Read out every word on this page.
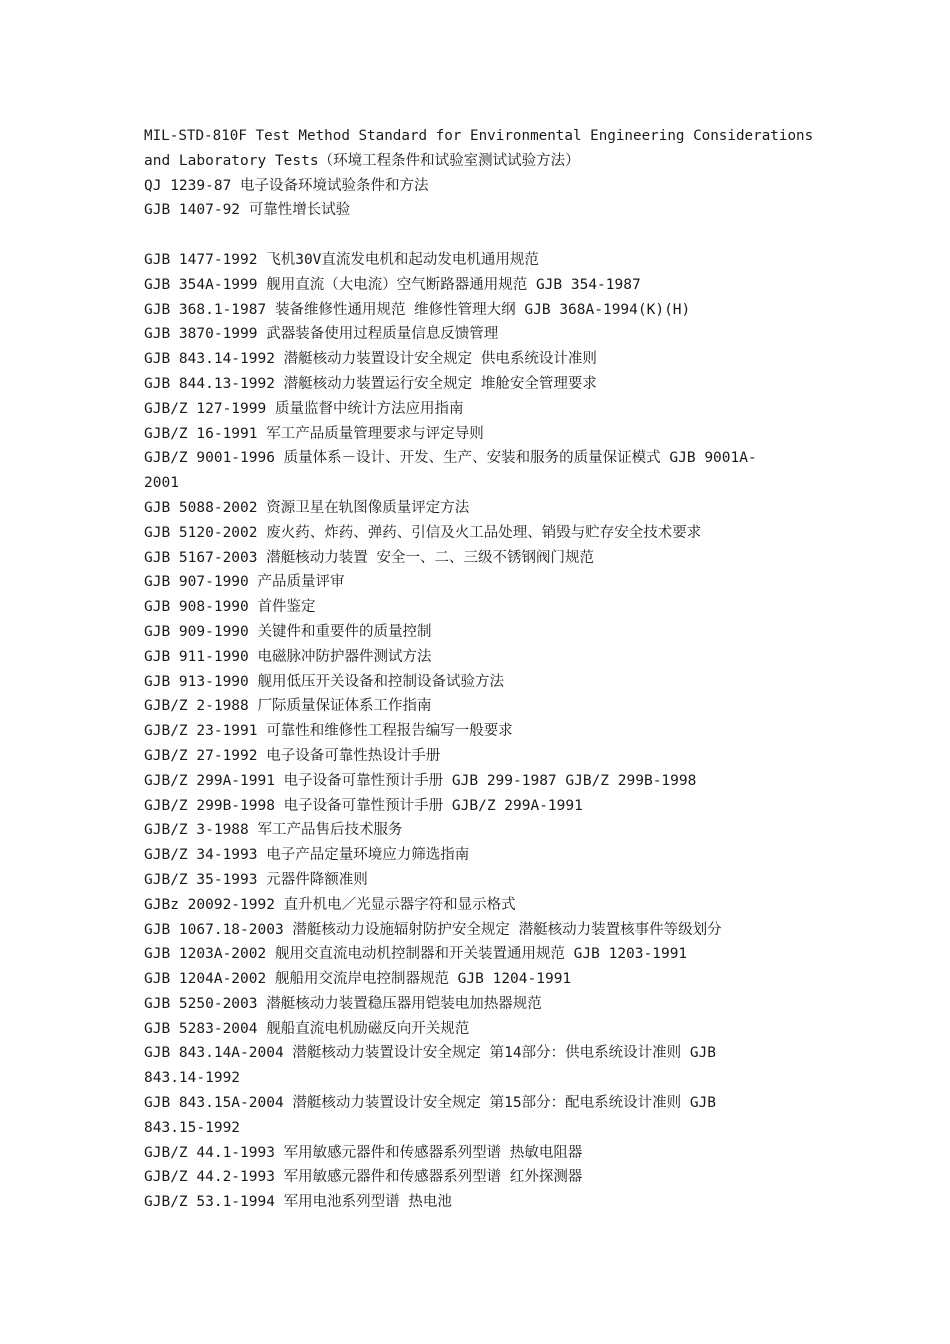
MIL-STD-810F Test Method Standard for Environmental Engineering Considerations
and Laboratory Tests（环境工程条件和试验室测试试验方法）
QJ 1239-87 电子设备环境试验条件和方法
GJB 1407-92 可靠性增长试验
GJB 1477-1992 飞机30V直流发电机和起动发电机通用规范
GJB 354A-1999 舰用直流（大电流）空气断路器通用规范 GJB 354-1987
GJB 368.1-1987 装备维修性通用规范 维修性管理大纲 GJB 368A-1994(K)(H)
GJB 3870-1999 武器装备使用过程质量信息反馈管理
GJB 843.14-1992 潜艇核动力装置设计安全规定 供电系统设计准则
GJB 844.13-1992 潜艇核动力装置运行安全规定 堆舱安全管理要求
GJB/Z 127-1999 质量监督中统计方法应用指南
GJB/Z 16-1991 军工产品质量管理要求与评定导则
GJB/Z 9001-1996 质量体系－设计、开发、生产、安装和服务的质量保证模式 GJB 9001A-
2001
GJB 5088-2002 资源卫星在轨图像质量评定方法
GJB 5120-2002 废火药、炸药、弹药、引信及火工品处理、销毁与贮存安全技术要求
GJB 5167-2003 潜艇核动力装置 安全一、二、三级不锈钢阀门规范
GJB 907-1990 产品质量评审
GJB 908-1990 首件鉴定
GJB 909-1990 关键件和重要件的质量控制
GJB 911-1990 电磁脉冲防护器件测试方法
GJB 913-1990 舰用低压开关设备和控制设备试验方法
GJB/Z 2-1988 厂际质量保证体系工作指南
GJB/Z 23-1991 可靠性和维修性工程报告编写一般要求
GJB/Z 27-1992 电子设备可靠性热设计手册
GJB/Z 299A-1991 电子设备可靠性预计手册 GJB 299-1987 GJB/Z 299B-1998
GJB/Z 299B-1998 电子设备可靠性预计手册 GJB/Z 299A-1991
GJB/Z 3-1988 军工产品售后技术服务
GJB/Z 34-1993 电子产品定量环境应力筛选指南
GJB/Z 35-1993 元器件降额准则
GJBz 20092-1992 直升机电／光显示器字符和显示格式
GJB 1067.18-2003 潜艇核动力设施辐射防护安全规定 潜艇核动力装置核事件等级划分
GJB 1203A-2002 舰用交直流电动机控制器和开关装置通用规范 GJB 1203-1991
GJB 1204A-2002 舰船用交流岸电控制器规范 GJB 1204-1991
GJB 5250-2003 潜艇核动力装置稳压器用铠装电加热器规范
GJB 5283-2004 舰船直流电机励磁反向开关规范
GJB 843.14A-2004 潜艇核动力装置设计安全规定 第14部分：供电系统设计准则 GJB
843.14-1992
GJB 843.15A-2004 潜艇核动力装置设计安全规定 第15部分：配电系统设计准则 GJB
843.15-1992
GJB/Z 44.1-1993 军用敏感元器件和传感器系列型谱 热敏电阻器
GJB/Z 44.2-1993 军用敏感元器件和传感器系列型谱 红外探测器
GJB/Z 53.1-1994 军用电池系列型谱 热电池
